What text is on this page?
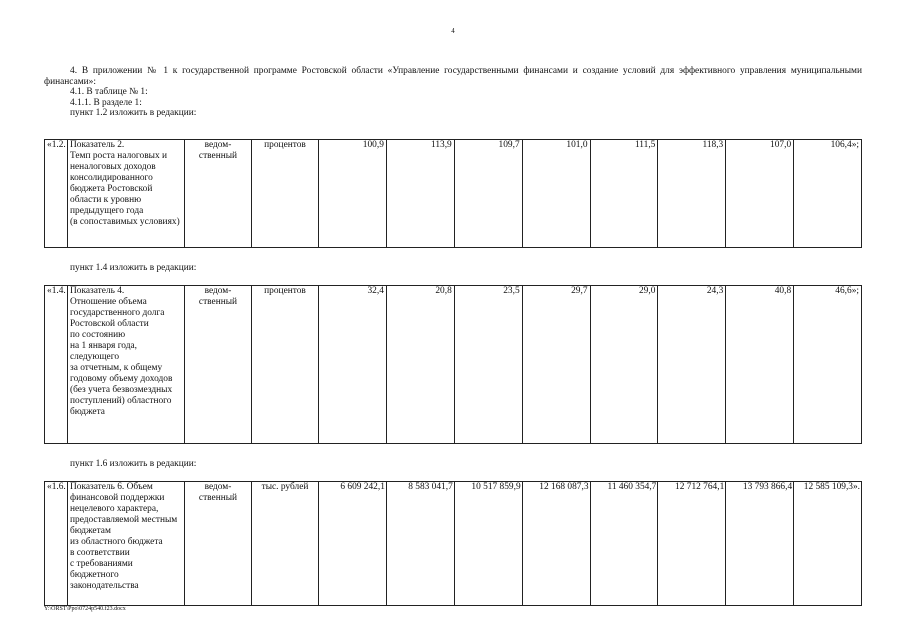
4
4. В приложении № 1 к государственной программе Ростовской области «Управление государственными финансами и создание условий для эффективного управления муниципальными финансами»:
4.1. В таблице № 1:
4.1.1. В разделе 1:
пункт 1.2 изложить в редакции:
«1.2.	Показатель 2.
Темп роста налоговых и неналоговых доходов консолидированного бюджета Ростовской области к уровню предыдущего года
(в сопоставимых условиях)	ведом-ственный	процентов	100,9	113,9	109,7	101,0	111,5	118,3	107,0	106,4»;
пункт 1.4 изложить в редакции:
«1.4.	Показатель 4.
Отношение объема государственного долга Ростовской области
по состоянию
на 1 января года, следующего
за отчетным, к общему годовому объему доходов (без учета безвозмездных поступлений) областного бюджета	ведом-ственный	процентов	32,4	20,8	23,5	29,7	29,0	24,3	40,8	46,6»;
пункт 1.6 изложить в редакции:
«1.6.	Показатель 6. Объем финансовой поддержки нецелевого характера, предоставляемой местным бюджетам
из областного бюджета
в соответствии
с требованиями бюджетного законодательства	ведом-ственный	тыс. рублей	6 609 242,1	8 583 041,7	10 517 859,9	12 168 087,3	11 460 354,7	12 712 764,1	13 793 866,4	12 585 109,3».
Y:\ORST\Ppo\0724p540.f23.docx
